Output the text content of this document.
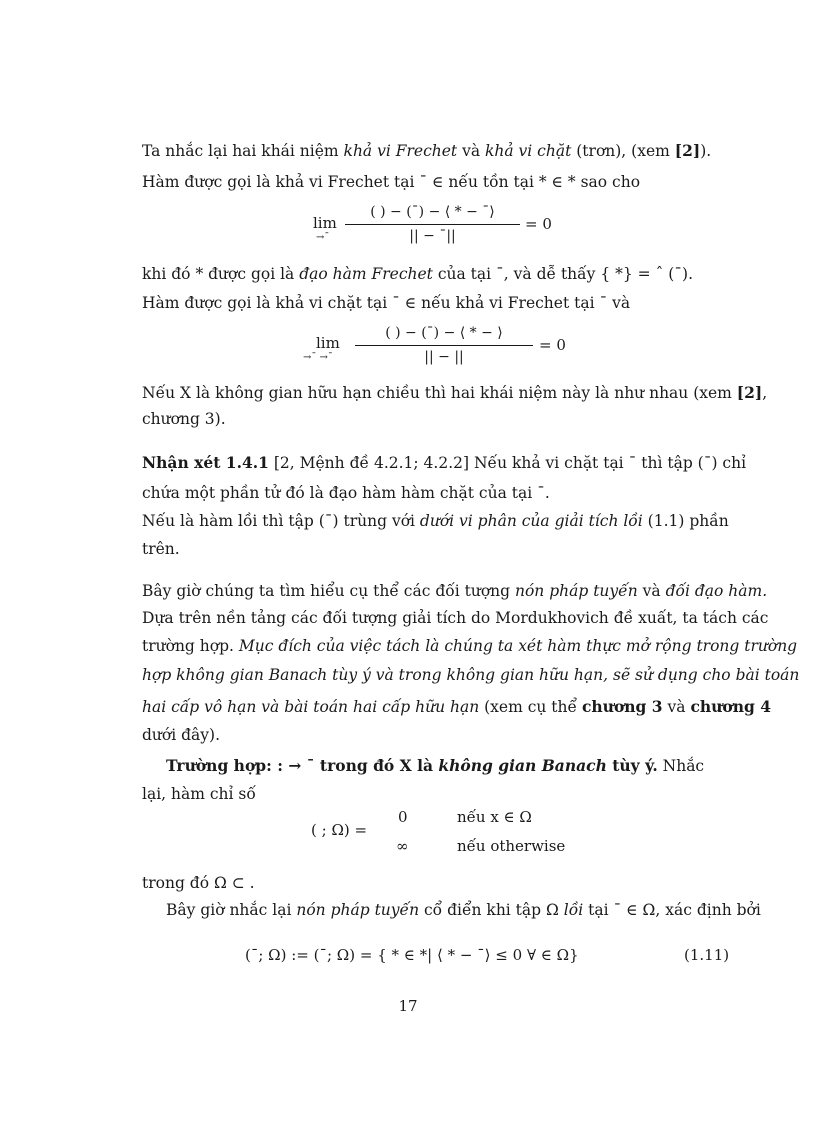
Ta nhắc lại hai khái niệm khả vi Frechet và khả vi chặt (trơn), (xem [2]).
Hàm được gọi là khả vi Frechet tại ¯ ∈ nếu tồn tại * ∈ * sao cho
lim
→¯
( ) − (¯) − ⟨ * − ¯⟩
|| − ¯||
= 0
khi đó * được gọi là đạo hàm Frechet của tại ¯, và dễ thấy { *} = ˆ (¯).
Hàm được gọi là khả vi chặt tại ¯ ∈ nếu khả vi Frechet tại ¯ và
lim
→¯ →¯
( ) − (¯) − ⟨ * − ⟩
|| − ||
= 0
Nếu X là không gian hữu hạn chiều thì hai khái niệm này là như nhau (xem [2],
chương 3).
Nhận xét 1.4.1 [2, Mệnh đề 4.2.1; 4.2.2] Nếu khả vi chặt tại ¯ thì tập (¯) chỉ
chứa một phần tử đó là đạo hàm hàm chặt của tại ¯.
Nếu là hàm lồi thì tập (¯) trùng với dưới vi phân của giải tích lồi (1.1) phần
trên.
Bây giờ chúng ta tìm hiểu cụ thể các đối tượng nón pháp tuyến và đối đạo hàm.
Dựa trên nền tảng các đối tượng giải tích do Mordukhovich đề xuất, ta tách các
trường hợp. Mục đích của việc tách là chúng ta xét hàm thực mở rộng trong trường
hợp không gian Banach tùy ý và trong không gian hữu hạn, sẽ sử dụng cho bài toán
hai cấp vô hạn và bài toán hai cấp hữu hạn (xem cụ thể chương 3 và chương 4
dưới đây).
Trường hợp: : → ¯ trong đó X là không gian Banach tùy ý. Nhắc
lại, hàm chỉ số
( ; Ω) =
0	nếu x ∈ Ω
∞	nếu otherwise
trong đó Ω ⊂ .
Bây giờ nhắc lại nón pháp tuyến cổ điển khi tập Ω lồi tại ¯ ∈ Ω, xác định bởi
(¯; Ω) := (¯; Ω) = { * ∈ *| ⟨ * − ¯⟩ ≤ 0 ∀ ∈ Ω}	(1.11)
17
